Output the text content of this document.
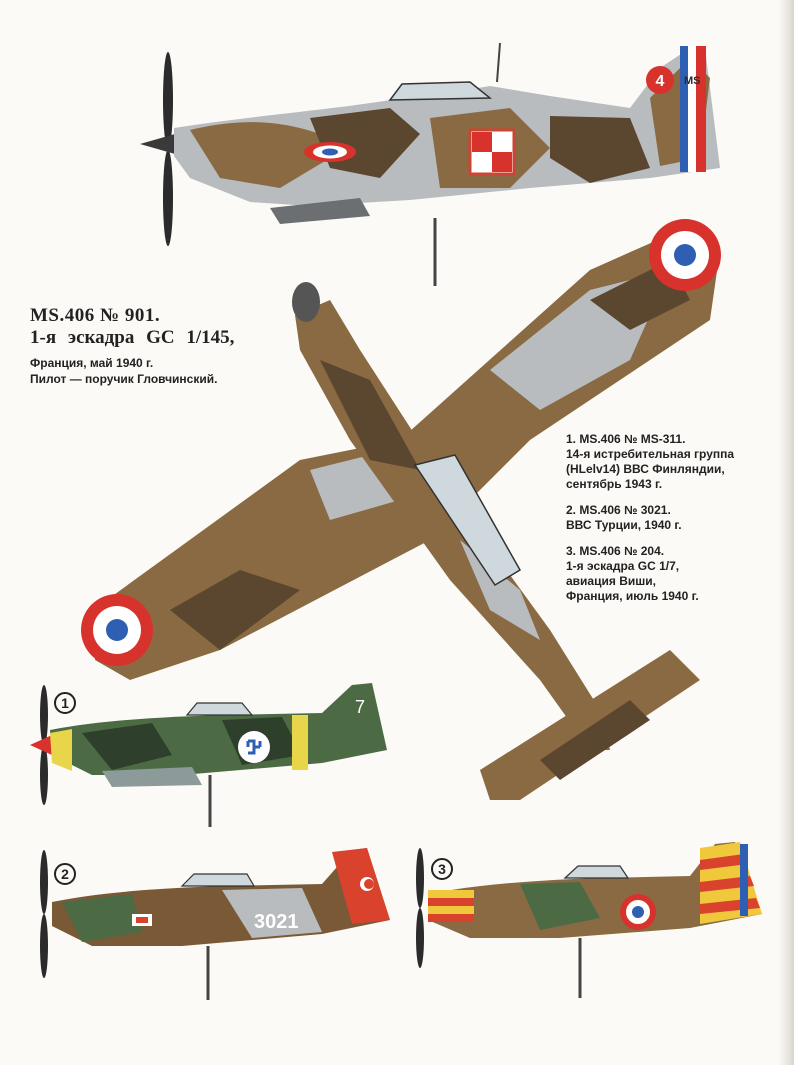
4 MS
MS.406 № 901.
1-я эскадра GC 1/145,
Франция, май 1940 г.
Пилот — поручик Гловчинский.
1. MS.406 № MS-311.
14-я истребительная группа
(HLelv14) ВВС Финляндии,
сентябрь 1943 г.
2. MS.406 № 3021.
ВВС Турции, 1940 г.
3. MS.406 № 204.
1-я эскадра GC 1/7,
авиация Виши,
Франция, июль 1940 г.
1	7
2
3021
3
